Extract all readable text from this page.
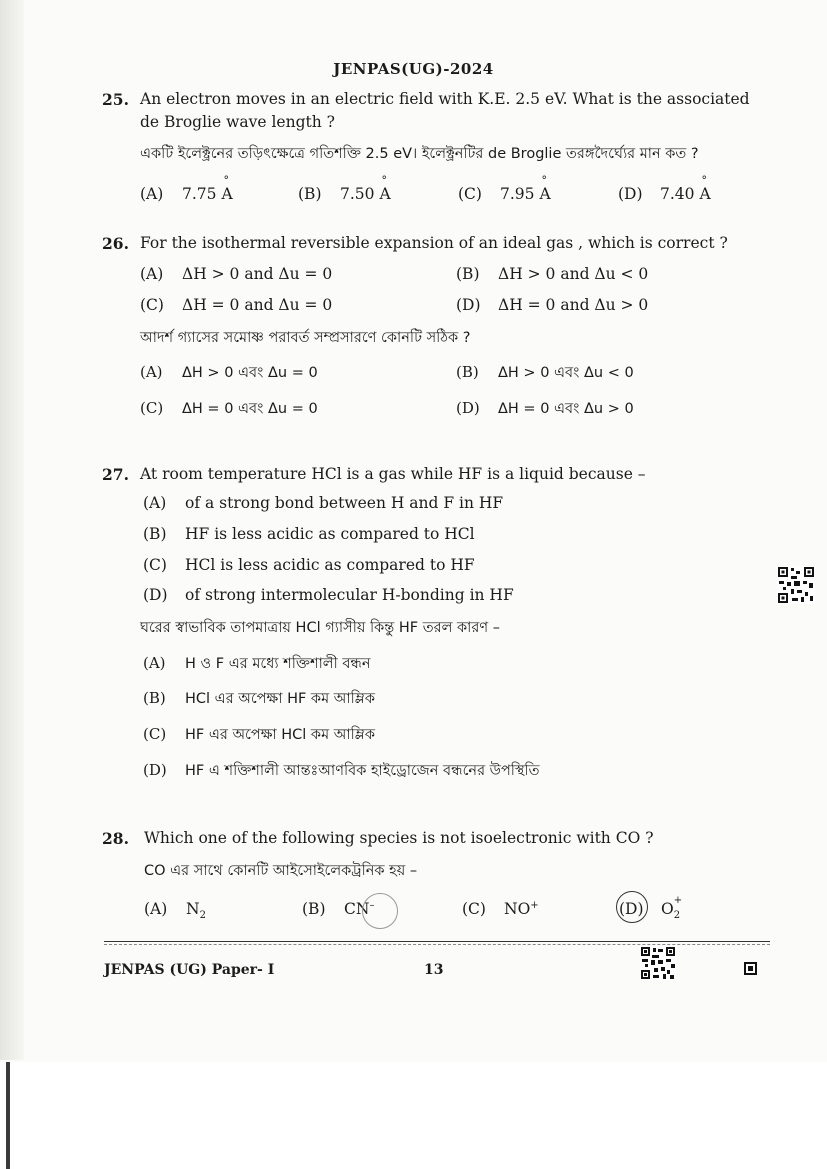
JENPAS(UG)-2024
25. An electron moves in an electric field with K.E. 2.5 eV. What is the associated
de Broglie wave length ?
একটি ইলেক্ট্রনের তড়িৎক্ষেত্রে গতিশক্তি 2.5 eV। ইলেক্ট্রনটির de Broglie তরঙ্গদৈর্ঘ্যের মান কত ?
(A) 7.75 ° A	(B) 7.50 ° A	(C) 7.95 ° A	(D) 7.40 ° A
26. For the isothermal reversible expansion of an ideal gas , which is correct ?
(A) ΔH > 0 and Δu = 0	(B) ΔH > 0 and Δu < 0
(C) ΔH = 0 and Δu = 0	(D) ΔH = 0 and Δu > 0
আদর্শ গ্যাসের সমোষ্ণ পরাবর্ত সম্প্রসারণে কোনটি সঠিক ?
(A) ΔH > 0 এবং Δu = 0	(B) ΔH > 0 এবং Δu < 0
(C) ΔH = 0 এবং Δu = 0	(D) ΔH = 0 এবং Δu > 0
27. At room temperature HCl is a gas while HF is a liquid because –
(A) of a strong bond between H and F in HF
(B) HF is less acidic as compared to HCl
(C) HCl is less acidic as compared to HF
(D) of strong intermolecular H-bonding in HF
ঘরের স্বাভাবিক তাপমাত্রায় HCl গ্যাসীয় কিন্তু HF তরল কারণ –
(A) H ও F এর মধ্যে শক্তিশালী বন্ধন
(B) HCl এর অপেক্ষা HF কম আম্লিক
(C) HF এর অপেক্ষা HCl কম আম্লিক
(D) HF এ শক্তিশালী আন্তঃআণবিক হাইড্রোজেন বন্ধনের উপস্থিতি
28. Which one of the following species is not isoelectronic with CO ?
CO এর সাথে কোনটি আইসোইলেকট্রনিক হয় –
(A) $N_2$	(B) CN–	(C) NO+	(D) O +
2
JENPAS (UG) Paper- I	13
